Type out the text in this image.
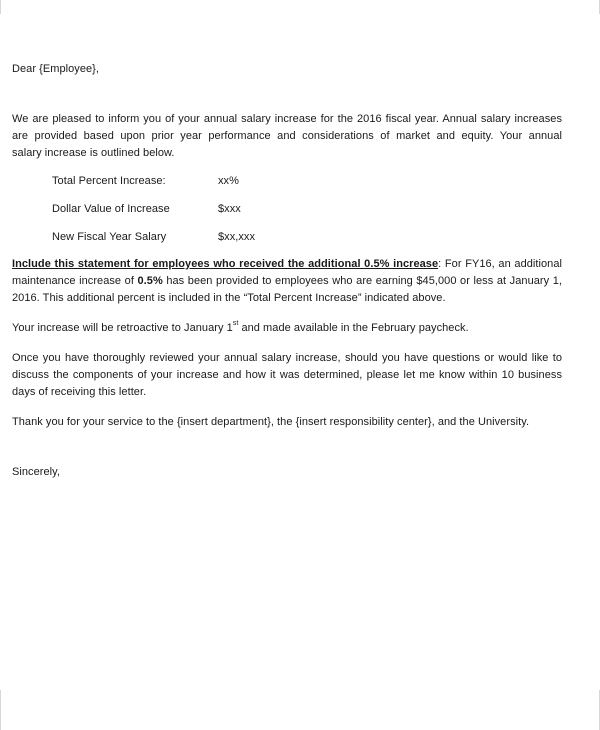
Dear {Employee},
We are pleased to inform you of your annual salary increase for the 2016 fiscal year. Annual salary increases
are provided based upon prior year performance and considerations of market and equity. Your annual
salary increase is outlined below.
Total Percent Increase:	xx%
Dollar Value of Increase	$xxx
New Fiscal Year Salary	$xx,xxx
Include this statement for employees who received the additional 0.5% increase: For FY16, an additional
maintenance increase of 0.5% has been provided to employees who are earning $45,000 or less at January 1,
2016. This additional percent is included in the “Total Percent Increase” indicated above.
Your increase will be retroactive to January 1st and made available in the February paycheck.
Once you have thoroughly reviewed your annual salary increase, should you have questions or would like to
discuss the components of your increase and how it was determined, please let me know within 10 business
days of receiving this letter.
Thank you for your service to the {insert department}, the {insert responsibility center}, and the University.
Sincerely,
